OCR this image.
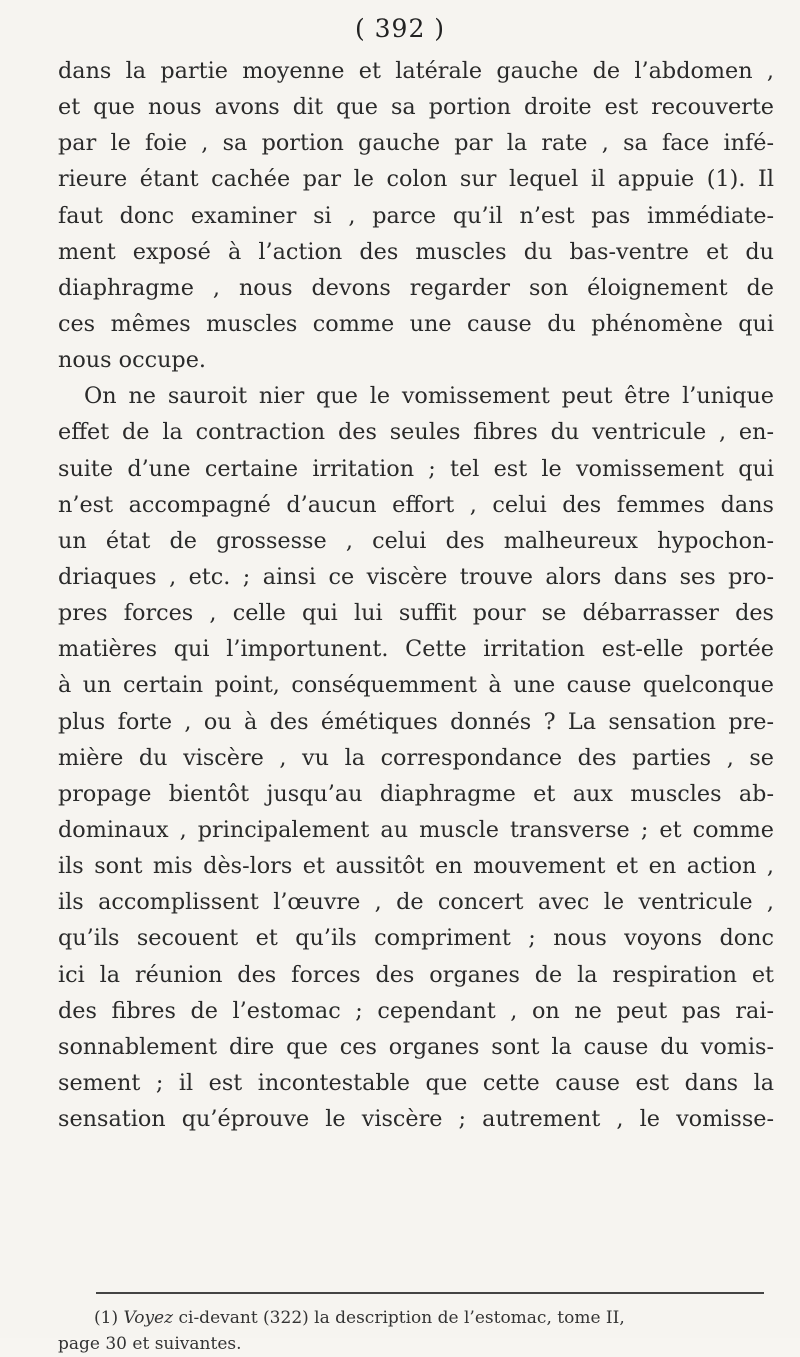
( 392 )
dans la partie moyenne et latérale gauche de l’abdomen ,
et que nous avons dit que sa portion droite est recouverte
par le foie , sa portion gauche par la rate , sa face infé-
rieure étant cachée par le colon sur lequel il appuie (1). Il
faut donc examiner si , parce qu’il n’est pas immédiate-
ment exposé à l’action des muscles du bas-ventre et du
diaphragme , nous devons regarder son éloignement de
ces mêmes muscles comme une cause du phénomène qui
nous occupe.
On ne sauroit nier que le vomissement peut être l’unique
effet de la contraction des seules fibres du ventricule , en-
suite d’une certaine irritation ; tel est le vomissement qui
n’est accompagné d’aucun effort , celui des femmes dans
un état de grossesse , celui des malheureux hypochon-
driaques , etc. ; ainsi ce viscère trouve alors dans ses pro-
pres forces , celle qui lui suffit pour se débarrasser des
matières qui l’importunent. Cette irritation est-elle portée
à un certain point, conséquemment à une cause quelconque
plus forte , ou à des émétiques donnés ? La sensation pre-
mière du viscère , vu la correspondance des parties , se
propage bientôt jusqu’au diaphragme et aux muscles ab-
dominaux , principalement au muscle transverse ; et comme
ils sont mis dès-lors et aussitôt en mouvement et en action ,
ils accomplissent l’œuvre , de concert avec le ventricule ,
qu’ils secouent et qu’ils compriment ; nous voyons donc
ici la réunion des forces des organes de la respiration et
des fibres de l’estomac ; cependant , on ne peut pas rai-
sonnablement dire que ces organes sont la cause du vomis-
sement ; il est incontestable que cette cause est dans la
sensation qu’éprouve le viscère ; autrement , le vomisse-
(1) Voyez ci-devant (322) la description de l’estomac, tome II,
page 30 et suivantes.
